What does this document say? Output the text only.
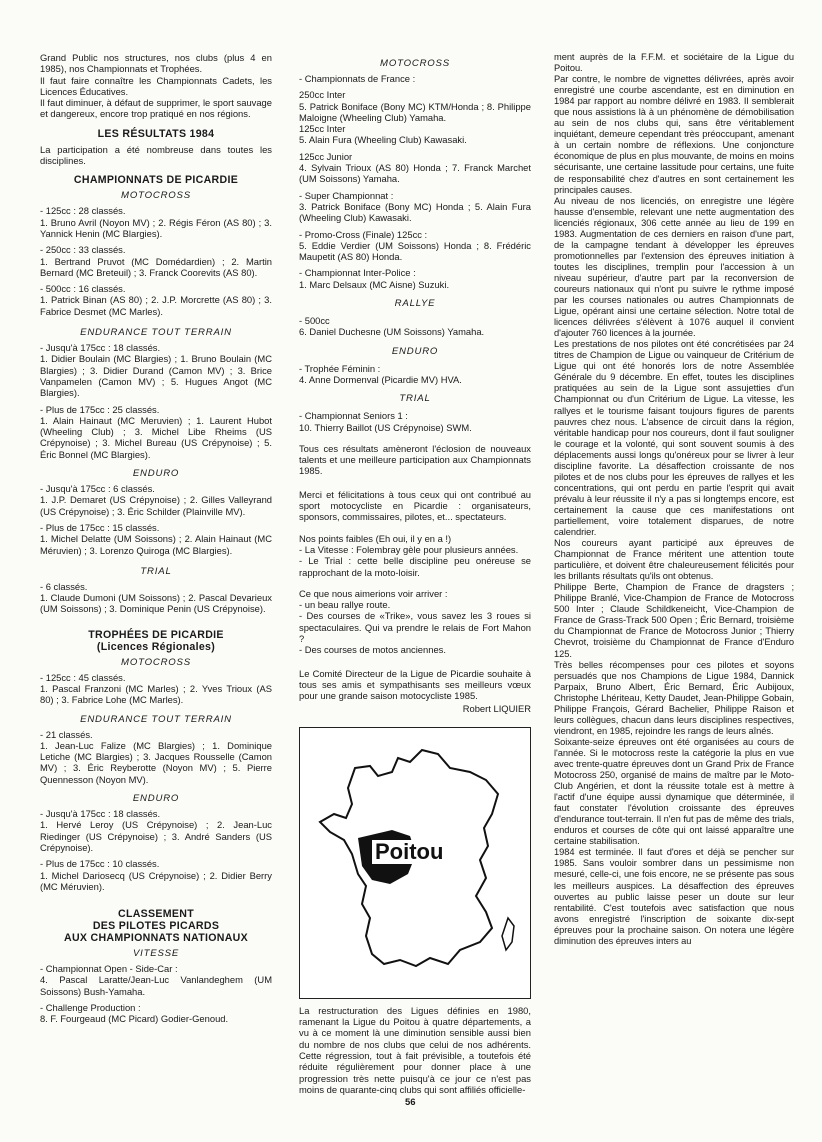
Grand Public nos structures, nos clubs (plus 4 en 1985), nos Championnats et Trophées.

Il faut faire connaître les Championnats Cadets, les Licences Éducatives.

Il faut diminuer, à défaut de supprimer, le sport sauvage et dangereux, encore trop pratiqué en nos régions.

LES RÉSULTATS 1984

La participation a été nombreuse dans toutes les disciplines.

CHAMPIONNATS DE PICARDIE
MOTOCROSS

- 125cc : 28 classés.

1. Bruno Avril (Noyon MV) ; 2. Régis Féron (AS 80) ; 3. Yannick Henin (MC Blargies).

- 250cc : 33 classés.

1. Bertrand Pruvot (MC Domédardien) ; 2. Martin Bernard (MC Breteuil) ; 3. Franck Coorevits (AS 80).

- 500cc : 16 classés.

1. Patrick Binan (AS 80) ; 2. J.P. Morcrette (AS 80) ; 3. Fabrice Desmet (MC Marles).

ENDURANCE TOUT TERRAIN

- Jusqu'à 175cc : 18 classés.

1. Didier Boulain (MC Blargies) ; 1. Bruno Boulain (MC Blargies) ; 3. Didier Durand (Camon MV) ; 3. Brice Vanpamelen (Camon MV) ; 5. Hugues Angot (MC Blargies).

- Plus de 175cc : 25 classés.

1. Alain Hainaut (MC Meruvien) ; 1. Laurent Hubot (Wheeling Club) ; 3. Michel Libe Rheims (US Crépynoise) ; 3. Michel Bureau (US Crépynoise) ; 5. Éric Bonnel (MC Blargies).

ENDURO

- Jusqu'à 175cc : 6 classés.

1. J.P. Demaret (US Crépynoise) ; 2. Gilles Valleyrand (US Crépynoise) ; 3. Éric Schilder (Plainville MV).

- Plus de 175cc : 15 classés.

1. Michel Delatte (UM Soissons) ; 2. Alain Hainaut (MC Méruvien) ; 3. Lorenzo Quiroga (MC Blargies).

TRIAL

- 6 classés.

1. Claude Dumoni (UM Soissons) ; 2. Pascal Devarieux (UM Soissons) ; 3. Dominique Penin (US Crépynoise).

TROPHÉES DE PICARDIE
(Licences Régionales)
MOTOCROSS

- 125cc : 45 classés.

1. Pascal Franzoni (MC Marles) ; 2. Yves Trioux (AS 80) ; 3. Fabrice Lohe (MC Marles).

ENDURANCE TOUT TERRAIN

- 21 classés.

1. Jean-Luc Falize (MC Blargies) ; 1. Dominique Letiche (MC Blargies) ; 3. Jacques Rousselle (Camon MV) ; 3. Éric Reyberotte (Noyon MV) ; 5. Pierre Quennesson (Noyon MV).

ENDURO

- Jusqu'à 175cc : 18 classés.

1. Hervé Leroy (US Crépynoise) ; 2. Jean-Luc Riedinger (US Crépynoise) ; 3. André Sanders (US Crépynoise).

- Plus de 175cc : 10 classés.

1. Michel Dariosecq (US Crépynoise) ; 2. Didier Berry (MC Méruvien).

CLASSEMENT
DES PILOTES PICARDS
AUX CHAMPIONNATS NATIONAUX
VITESSE

- Championnat Open - Side-Car :

4. Pascal Laratte/Jean-Luc Vanlandeghem (UM Soissons) Bush-Yamaha.

- Challenge Production :

8. F. Fourgeaud (MC Picard) Godier-Genoud.

MOTOCROSS

- Championnats de France :

250cc Inter

5. Patrick Boniface (Bony MC) KTM/Honda ; 8. Philippe Maloigne (Wheeling Club) Yamaha.

125cc Inter

5. Alain Fura (Wheeling Club) Kawasaki.

125cc Junior

4. Sylvain Trioux (AS 80) Honda ; 7. Franck Marchet (UM Soissons) Yamaha.

- Super Championnat :

3. Patrick Boniface (Bony MC) Honda ; 5. Alain Fura (Wheeling Club) Kawasaki.

- Promo-Cross (Finale) 125cc :

5. Eddie Verdier (UM Soissons) Honda ; 8. Frédéric Maupetit (AS 80) Honda.

- Championnat Inter-Police :

1. Marc Delsaux (MC Aisne) Suzuki.

RALLYE

- 500cc

6. Daniel Duchesne (UM Soissons) Yamaha.

ENDURO

- Trophée Féminin :

4. Anne Dormenval (Picardie MV) HVA.

TRIAL

- Championnat Seniors 1 :

10. Thierry Baillot (US Crépynoise) SWM.

Tous ces résultats amèneront l'éclosion de nouveaux talents et une meilleure participation aux Championnats 1985.

Merci et félicitations à tous ceux qui ont contribué au sport motocycliste en Picardie : organisateurs, sponsors, commissaires, pilotes, et... spectateurs.

Nos points faibles (Eh oui, il y en a !)

- La Vitesse : Folembray gèle pour plusieurs années.

- Le Trial : cette belle discipline peu onéreuse se rapprochant de la moto-loisir.

Ce que nous aimerions voir arriver :

- un beau rallye route.

- Des courses de «Trike», vous savez les 3 roues si spectaculaires. Qui va prendre le relais de Fort Mahon ?

- Des courses de motos anciennes.

Le Comité Directeur de la Ligue de Picardie souhaite à tous ses amis et sympathisants ses meilleurs vœux pour une grande saison motocycliste 1985.

Robert LIQUIER

Poitou

La restructuration des Ligues définies en 1980, ramenant la Ligue du Poitou à quatre départements, a vu à ce moment là une diminution sensible aussi bien du nombre de nos clubs que celui de nos adhérents. Cette régression, tout à fait prévisible, a toutefois été réduite régulièrement pour donner place à une progression très nette puisqu'à ce jour ce n'est pas moins de quarante-cinq clubs qui sont affiliés officielle-

ment auprès de la F.F.M. et sociétaire de la Ligue du Poitou.

Par contre, le nombre de vignettes délivrées, après avoir enregistré une courbe ascendante, est en diminution en 1984 par rapport au nombre délivré en 1983. Il semblerait que nous assistions là à un phénomène de démobilisation au sein de nos clubs qui, sans être véritablement inquiétant, demeure cependant très préoccupant, amenant à un certain nombre de réflexions. Une conjoncture économique de plus en plus mouvante, de moins en moins sécurisante, une certaine lassitude pour certains, une fuite de responsabilité chez d'autres en sont certainement les principales causes.

Au niveau de nos licenciés, on enregistre une légère hausse d'ensemble, relevant une nette augmentation des licenciés régionaux, 306 cette année au lieu de 199 en 1983. Augmentation de ces derniers en raison d'une part, de la campagne tendant à développer les épreuves promotionnelles par l'extension des épreuves initiation à toutes les disciplines, tremplin pour l'accession à un niveau supérieur, d'autre part par la reconversion de coureurs nationaux qui n'ont pu suivre le rythme imposé par les courses nationales ou autres Championnats de Ligue, opérant ainsi une certaine sélection. Notre total de licences délivrées s'élèvent à 1076 auquel il convient d'ajouter 760 licences à la journée.

Les prestations de nos pilotes ont été concrétisées par 24 titres de Champion de Ligue ou vainqueur de Critérium de Ligue qui ont été honorés lors de notre Assemblée Générale du 9 décembre. En effet, toutes les disciplines pratiquées au sein de la Ligue sont assujetties d'un Championnat ou d'un Critérium de Ligue. La vitesse, les rallyes et le tourisme faisant toujours figures de parents pauvres chez nous. L'absence de circuit dans la région, véritable handicap pour nos coureurs, dont il faut souligner le courage et la volonté, qui sont souvent soumis à des déplacements aussi longs qu'onéreux pour se livrer à leur discipline favorite. La désaffection croissante de nos pilotes et de nos clubs pour les épreuves de rallyes et les concentrations, qui ont perdu en partie l'esprit qui avait prévalu à leur réussite il n'y a pas si longtemps encore, est certainement la cause que ces manifestations ont partiellement, voire totalement disparues, de notre calendrier.

Nos coureurs ayant participé aux épreuves de Championnat de France méritent une attention toute particulière, et doivent être chaleureusement félicités pour les brillants résultats qu'ils ont obtenus.

Philippe Berte, Champion de France de dragsters ; Philippe Branlé, Vice-Champion de France de Motocross 500 Inter ; Claude Schildkeneicht, Vice-Champion de France de Grass-Track 500 Open ; Éric Bernard, troisième du Championnat de France de Motocross Junior ; Thierry Chevrot, troisième du Championnat de France d'Enduro 125.

Très belles récompenses pour ces pilotes et soyons persuadés que nos Champions de Ligue 1984, Dannick Parpaix, Bruno Albert, Éric Bernard, Éric Aubijoux, Christophe Lhériteau, Ketty Daudet, Jean-Philippe Gobain, Philippe François, Gérard Bachelier, Philippe Raison et leurs collègues, chacun dans leurs disciplines respectives, viendront, en 1985, rejoindre les rangs de leurs aînés.

Soixante-seize épreuves ont été organisées au cours de l'année. Si le motocross reste la catégorie la plus en vue avec trente-quatre épreuves dont un Grand Prix de France Motocross 250, organisé de mains de maître par le Moto-Club Angérien, et dont la réussite totale est à mettre à l'actif d'une équipe aussi dynamique que déterminée, il faut constater l'évolution croissante des épreuves d'endurance tout-terrain. Il n'en fut pas de même des trials, enduros et courses de côte qui ont laissé apparaître une certaine stabilisation.

1984 est terminée. Il faut d'ores et déjà se pencher sur 1985. Sans vouloir sombrer dans un pessimisme non mesuré, celle-ci, une fois encore, ne se présente pas sous les meilleurs auspices. La désaffection des épreuves ouvertes au public laisse peser un doute sur leur rentabilité. C'est toutefois avec satisfaction que nous avons enregistré l'inscription de soixante dix-sept épreuves pour la prochaine saison. On notera une légère diminution des épreuves inters au

56
